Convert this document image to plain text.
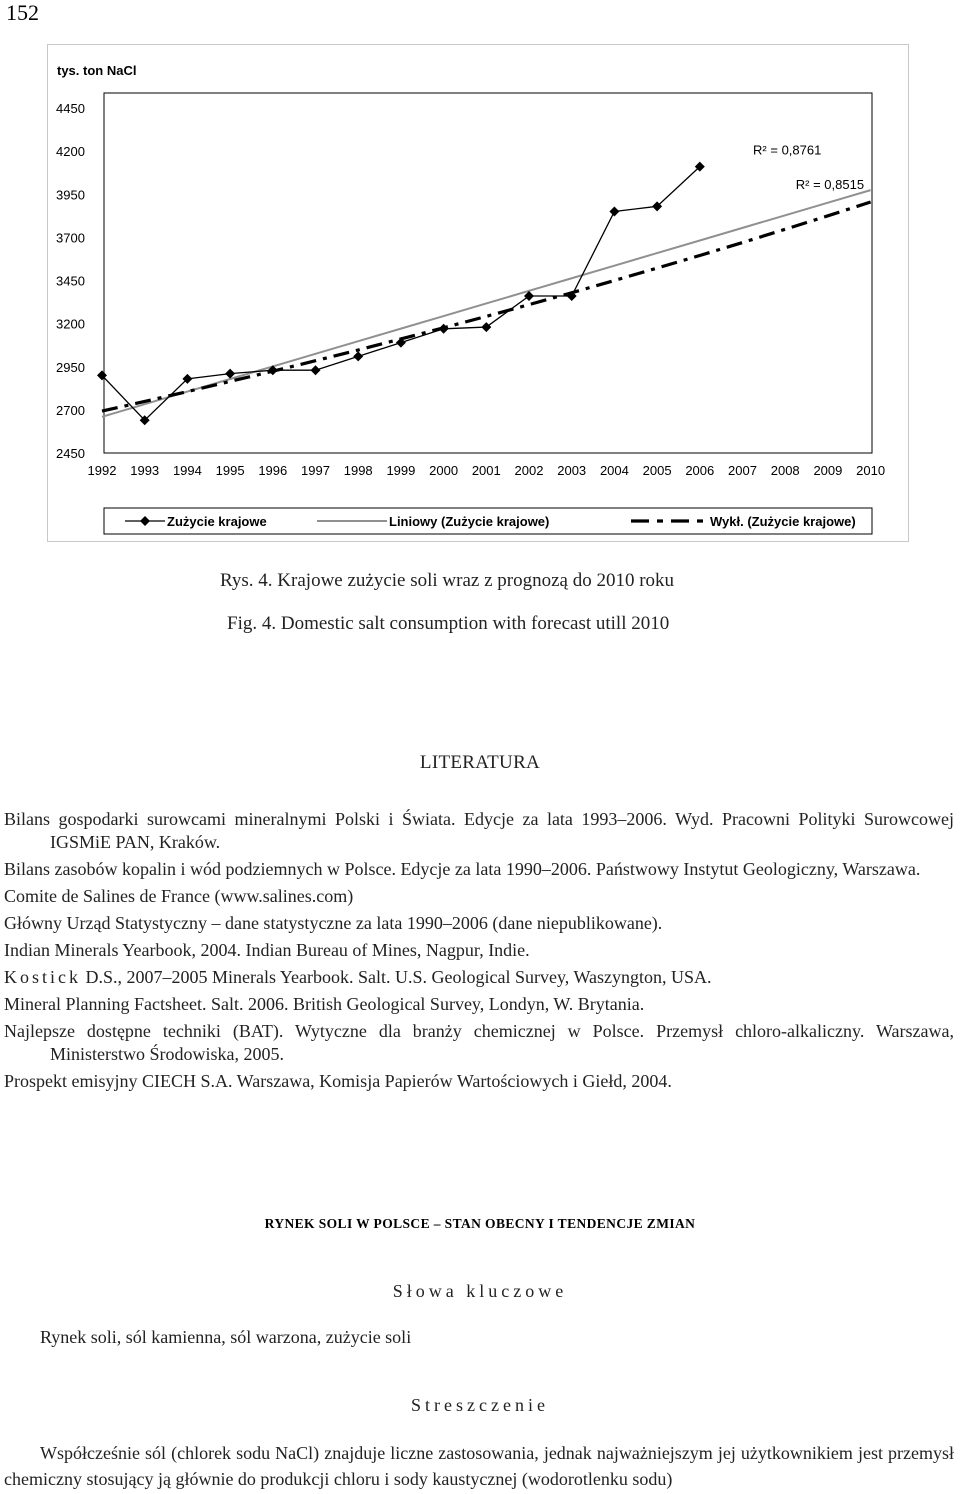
152
tys. ton NaCl
2450
2700
2950
3200
3450
3700
3950
4200
4450
1992 1993 1994 1995 1996 1997 1998 1999 2000 2001 2002 2003 2004 2005 2006 2007 2008 2009 2010
R² = 0,8761
R² = 0,8515
Zużycie krajowe	Liniowy (Zużycie krajowe)	Wykł. (Zużycie krajowe)
Rys. 4. Krajowe zużycie soli wraz z prognozą do 2010 roku
Fig. 4. Domestic salt consumption with forecast utill 2010
LITERATURA

Bilans gospodarki surowcami mineralnymi Polski i Świata. Edycje za lata 1993–2006. Wyd. Pracowni Polityki Surowcowej IGSMiE PAN, Kraków.

Bilans zasobów kopalin i wód podziemnych w Polsce. Edycje za lata 1990–2006. Państwowy Instytut Geologiczny, Warszawa.

Comite de Salines de France (www.salines.com)

Główny Urząd Statystyczny – dane statystyczne za lata 1990–2006 (dane niepublikowane).

Indian Minerals Yearbook, 2004. Indian Bureau of Mines, Nagpur, Indie.

Kostick D.S., 2007–2005 Minerals Yearbook. Salt. U.S. Geological Survey, Waszyngton, USA.

Mineral Planning Factsheet. Salt. 2006. British Geological Survey, Londyn, W. Brytania.

Najlepsze dostępne techniki (BAT). Wytyczne dla branży chemicznej w Polsce. Przemysł chloro-alkaliczny. Warszawa, Ministerstwo Środowiska, 2005.

Prospekt emisyjny CIECH S.A. Warszawa, Komisja Papierów Wartościowych i Giełd, 2004.

RYNEK SOLI W POLSCE – STAN OBECNY I TENDENCJE ZMIAN
Słowa kluczowe
Rynek soli, sól kamienna, sól warzona, zużycie soli
Streszczenie
Współcześnie sól (chlorek sodu NaCl) znajduje liczne zastosowania, jednak najważniejszym jej użytkownikiem jest przemysł chemiczny stosujący ją głównie do produkcji chloru i sody kaustycznej (wodorotlenku sodu)
